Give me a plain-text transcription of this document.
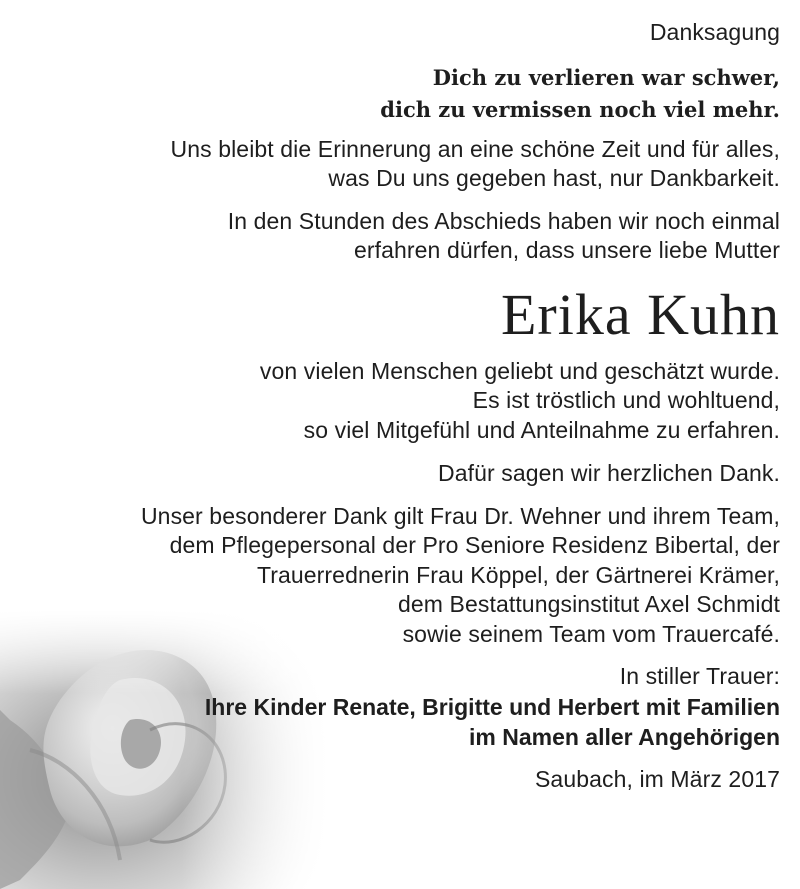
Danksagung
Dich zu verlieren war schwer,
dich zu vermissen noch viel mehr.
Uns bleibt die Erinnerung an eine schöne Zeit und für alles,
was Du uns gegeben hast, nur Dankbarkeit.
In den Stunden des Abschieds haben wir noch einmal
erfahren dürfen, dass unsere liebe Mutter
Erika Kuhn
von vielen Menschen geliebt und geschätzt wurde.
Es ist tröstlich und wohltuend,
so viel Mitgefühl und Anteilnahme zu erfahren.
Dafür sagen wir herzlichen Dank.
Unser besonderer Dank gilt Frau Dr. Wehner und ihrem Team,
dem Pflegepersonal der Pro Seniore Residenz Bibertal, der
Trauerrednerin Frau Köppel, der Gärtnerei Krämer,
dem Bestattungsinstitut Axel Schmidt
sowie seinem Team vom Trauercafé.
In stiller Trauer:
Ihre Kinder Renate, Brigitte und Herbert mit Familien
im Namen aller Angehörigen
Saubach, im März 2017
